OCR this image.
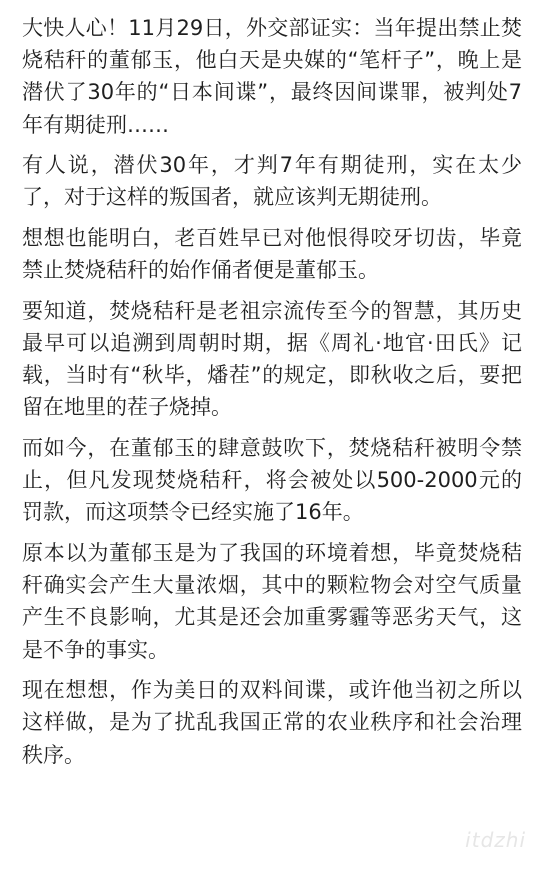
大快人心！11月29日，外交部证实：当年提出禁止焚烧秸秆的董郁玉，他白天是央媒的“笔杆子”，晚上是潜伏了30年的“日本间谍”，最终因间谍罪，被判处7年有期徒刑……

有人说，潜伏30年，才判7年有期徒刑，实在太少了，对于这样的叛国者，就应该判无期徒刑。

想想也能明白，老百姓早已对他恨得咬牙切齿，毕竟禁止焚烧秸秆的始作俑者便是董郁玉。

要知道，焚烧秸秆是老祖宗流传至今的智慧，其历史最早可以追溯到周朝时期，据《周礼·地官·田氏》记载，当时有“秋毕，燔茬”的规定，即秋收之后，要把留在地里的茬子烧掉。

而如今，在董郁玉的肆意鼓吹下，焚烧秸秆被明令禁止，但凡发现焚烧秸秆，将会被处以500-2000元的罚款，而这项禁令已经实施了16年。

原本以为董郁玉是为了我国的环境着想，毕竟焚烧秸秆确实会产生大量浓烟，其中的颗粒物会对空气质量产生不良影响，尤其是还会加重雾霾等恶劣天气，这是不争的事实。

现在想想，作为美日的双料间谍，或许他当初之所以这样做，是为了扰乱我国正常的农业秩序和社会治理秩序。

itdzhi
